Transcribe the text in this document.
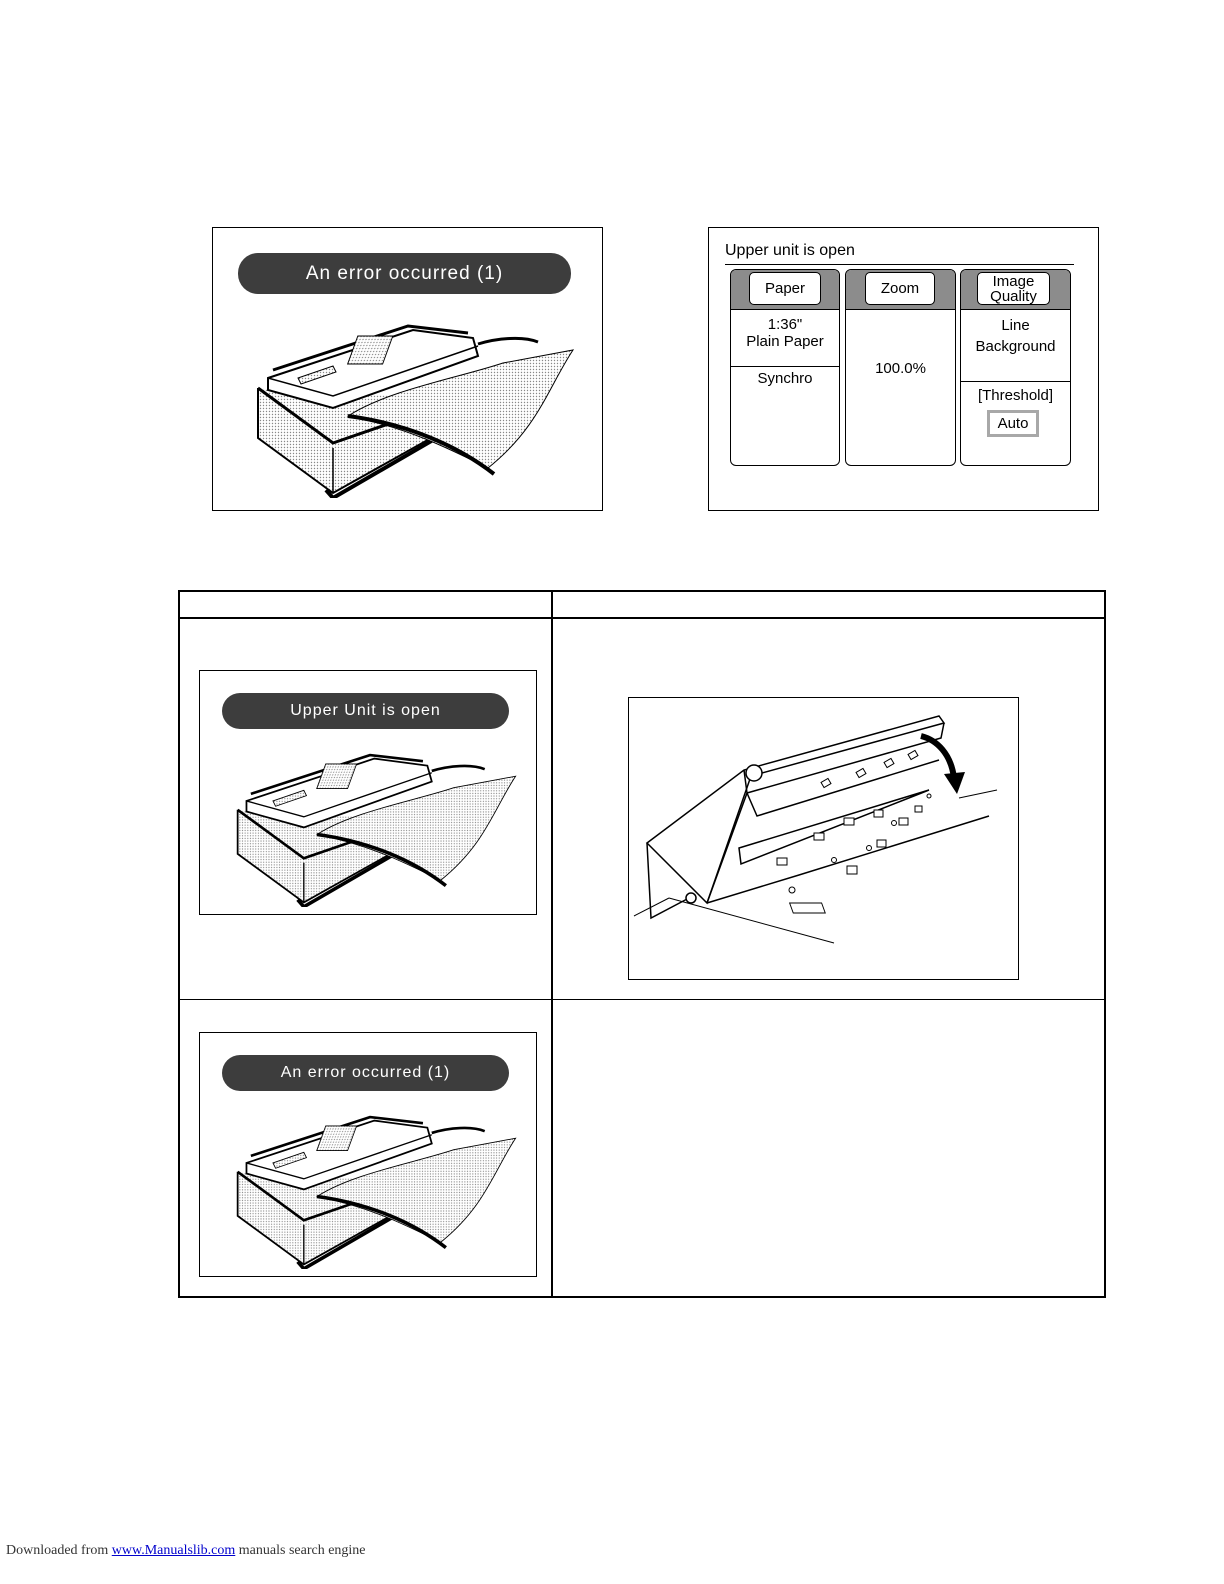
An error occurred (1)
Upper unit is open
Paper
1:36"
Plain Paper
Synchro
Zoom
100.0%
Image Quality
Line
Background
[Threshold]
Auto
Upper Unit is open
An error occurred (1)
Downloaded from www.Manualslib.com manuals search engine
